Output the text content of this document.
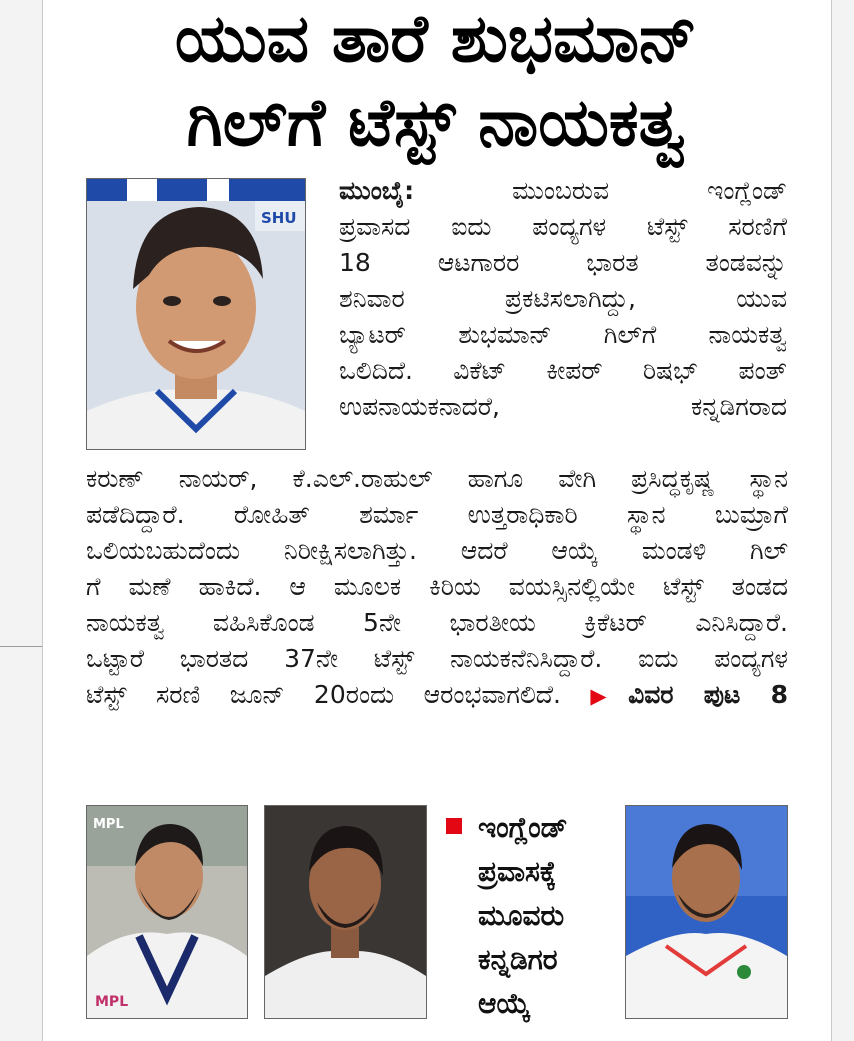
ಯುವ ತಾರೆ ಶುಭಮಾನ್
ಗಿಲ್‌ಗೆ ಟೆಸ್ಟ್ ನಾಯಕತ್ವ
SHU

ಮುಂಬೈ:	ಮುಂಬರುವ ಇಂಗ್ಲೆಂಡ್

ಪ್ರವಾಸದ ಐದು ಪಂದ್ಯಗಳ ಟೆಸ್ಟ್ ಸರಣಿಗೆ

18 ಆಟಗಾರರ ಭಾರತ ತಂಡವನ್ನು

ಶನಿವಾರ ಪ್ರಕಟಿಸಲಾಗಿದ್ದು, ಯುವ

ಬ್ಯಾಟರ್ ಶುಭಮಾನ್ ಗಿಲ್‌ಗೆ ನಾಯಕತ್ವ

ಒಲಿದಿದೆ. ವಿಕೆಟ್ ಕೀಪರ್ ರಿಷಭ್ ಪಂತ್

ಉಪನಾಯಕನಾದರೆ, ಕನ್ನಡಿಗರಾದ

ಕರುಣ್ ನಾಯರ್, ಕೆ.ಎಲ್.ರಾಹುಲ್ ಹಾಗೂ ವೇಗಿ ಪ್ರಸಿದ್ಧಕೃಷ್ಣ ಸ್ಥಾನ

ಪಡೆದಿದ್ದಾರೆ. ರೋಹಿತ್ ಶರ್ಮಾ ಉತ್ತರಾಧಿಕಾರಿ ಸ್ಥಾನ ಬುಮ್ರಾಗೆ

ಒಲಿಯಬಹುದೆಂದು ನಿರೀಕ್ಷಿಸಲಾಗಿತ್ತು. ಆದರೆ ಆಯ್ಕೆ ಮಂಡಳಿ ಗಿಲ್

ಗೆ ಮಣೆ ಹಾಕಿದೆ. ಆ ಮೂಲಕ ಕಿರಿಯ ವಯಸ್ಸಿನಲ್ಲಿಯೇ ಟೆಸ್ಟ್ ತಂಡದ

ನಾಯಕತ್ವ ವಹಿಸಿಕೊಂಡ 5ನೇ ಭಾರತೀಯ ಕ್ರಿಕೆಟರ್ ಎನಿಸಿದ್ದಾರೆ.

ಒಟ್ಟಾರೆ ಭಾರತದ 37ನೇ ಟೆಸ್ಟ್ ನಾಯಕನೆನಿಸಿದ್ದಾರೆ. ಐದು ಪಂದ್ಯಗಳ

ಟೆಸ್ಟ್ ಸರಣಿ ಜೂನ್ 20ರಂದು ಆರಂಭವಾಗಲಿದೆ. ▶ವಿವರ ಪುಟ 8

MPL
MPL
ಇಂಗ್ಲೆಂಡ್
ಪ್ರವಾಸಕ್ಕೆ
ಮೂವರು
ಕನ್ನಡಿಗರ
ಆಯ್ಕೆ
